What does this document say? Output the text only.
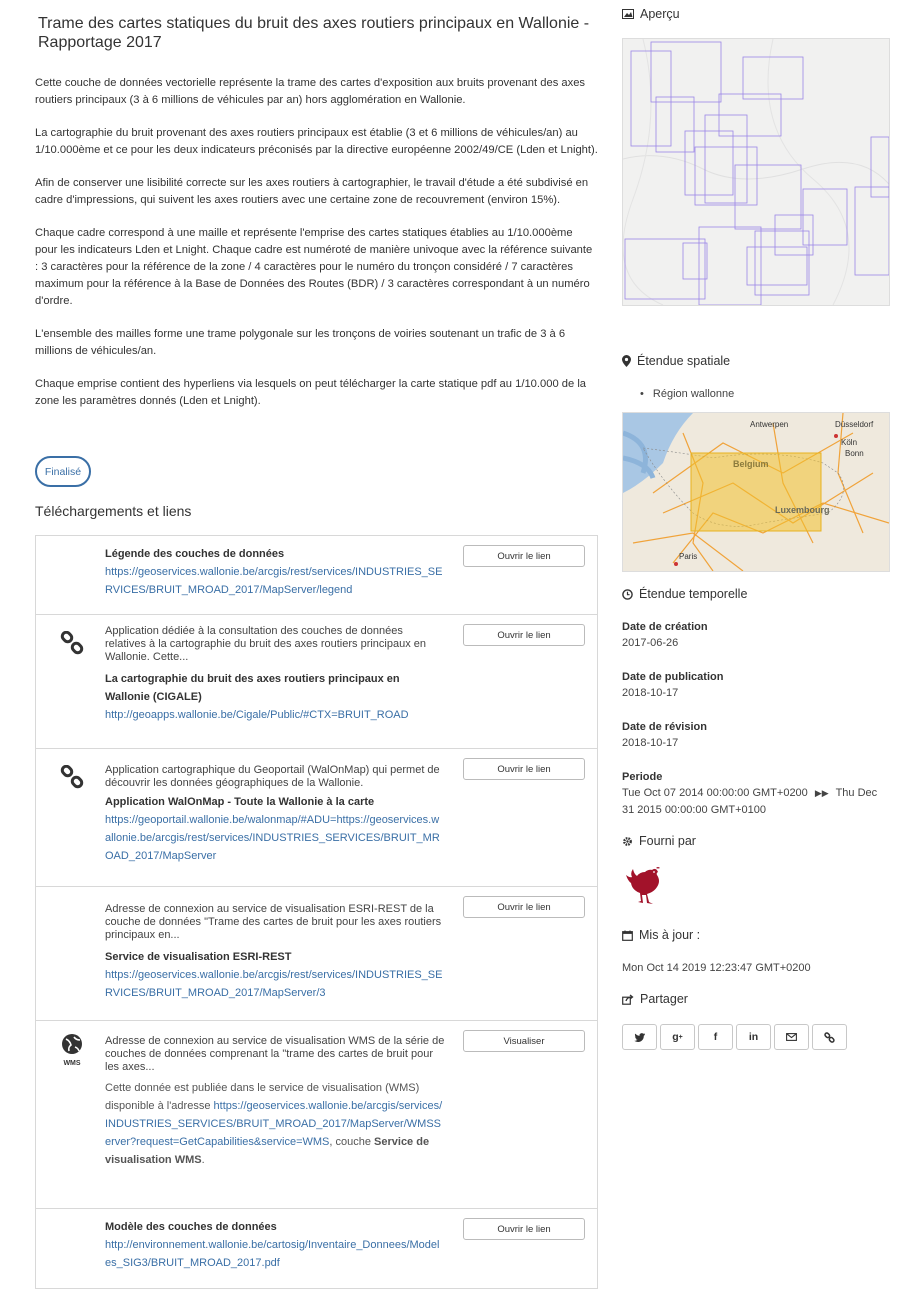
Trame des cartes statiques du bruit des axes routiers principaux en Wallonie - Rapportage 2017

Cette couche de données vectorielle représente la trame des cartes d'exposition aux bruits provenant des axes routiers principaux (3 à 6 millions de véhicules par an) hors agglomération en Wallonie.

La cartographie du bruit provenant des axes routiers principaux est établie (3 et 6 millions de véhicules/an) au 1/10.000ème et ce pour les deux indicateurs préconisés par la directive européenne 2002/49/CE (Lden et Lnight).

Afin de conserver une lisibilité correcte sur les axes routiers à cartographier, le travail d'étude a été subdivisé en cadre d'impressions, qui suivent les axes routiers avec une certaine zone de recouvrement (environ 15%).

Chaque cadre correspond à une maille et représente l'emprise des cartes statiques établies au 1/10.000ème pour les indicateurs Lden et Lnight. Chaque cadre est numéroté de manière univoque avec la référence suivante : 3 caractères pour la référence de la zone / 4 caractères pour le numéro du tronçon considéré / 7 caractères maximum pour la référence à la Base de Données des Routes (BDR) / 3 caractères correspondant à un numéro d'ordre.

L'ensemble des mailles forme une trame polygonale sur les tronçons de voiries soutenant un trafic de 3 à 6 millions de véhicules/an.

Chaque emprise contient des hyperliens via lesquels on peut télécharger la carte statique pdf au 1/10.000 de la zone les paramètres donnés (Lden et Lnight).

Finalisé
Téléchargements et liens
Légende des couches de données
https://geoservices.wallonie.be/arcgis/rest/services/INDUSTRIES_SERVICES/BRUIT_MROAD_2017/MapServer/legend
Ouvrir le lien
Application dédiée à la consultation des couches de données relatives à la cartographie du bruit des axes routiers principaux en Wallonie. Cette...
La cartographie du bruit des axes routiers principaux en Wallonie (CIGALE)
http://geoapps.wallonie.be/Cigale/Public/#CTX=BRUIT_ROAD
Ouvrir le lien
Application cartographique du Geoportail (WalOnMap) qui permet de découvrir les données géographiques de la Wallonie.
Application WalOnMap - Toute la Wallonie à la carte
https://geoportail.wallonie.be/walonmap/#ADU=https://geoservices.wallonie.be/arcgis/rest/services/INDUSTRIES_SERVICES/BRUIT_MROAD_2017/MapServer
Ouvrir le lien
Adresse de connexion au service de visualisation ESRI-REST de la couche de données "Trame des cartes de bruit pour les axes routiers principaux en...
Service de visualisation ESRI-REST
https://geoservices.wallonie.be/arcgis/rest/services/INDUSTRIES_SERVICES/BRUIT_MROAD_2017/MapServer/3
Ouvrir le lien
WMS
Adresse de connexion au service de visualisation WMS de la série de couches de données comprenant la "trame des cartes de bruit pour les axes...
Cette donnée est publiée dans le service de visualisation (WMS) disponible à l'adresse https://geoservices.wallonie.be/arcgis/services/INDUSTRIES_SERVICES/BRUIT_MROAD_2017/MapServer/WMSServer?request=GetCapabilities&service=WMS, couche Service de visualisation WMS.
Visualiser
Modèle des couches de données
http://environnement.wallonie.be/cartosig/Inventaire_Donnees/Modeles_SIG3/BRUIT_MROAD_2017.pdf
Ouvrir le lien
Aperçu
Étendue spatiale
• Région wallonne
Antwerpen	Düsseldorf
Köln
Bonn
Belgium
Luxembourg
Paris
Étendue temporelle
Date de création
2017-06-26
Date de publication
2018-10-17
Date de révision
2018-10-17
Periode
Tue Oct 07 2014 00:00:00 GMT+0200 ▶▶ Thu Dec 31 2015 00:00:00 GMT+0100
Fourni par
Mis à jour :
Mon Oct 14 2019 12:23:47 GMT+0200
Partager
g +	f	in
